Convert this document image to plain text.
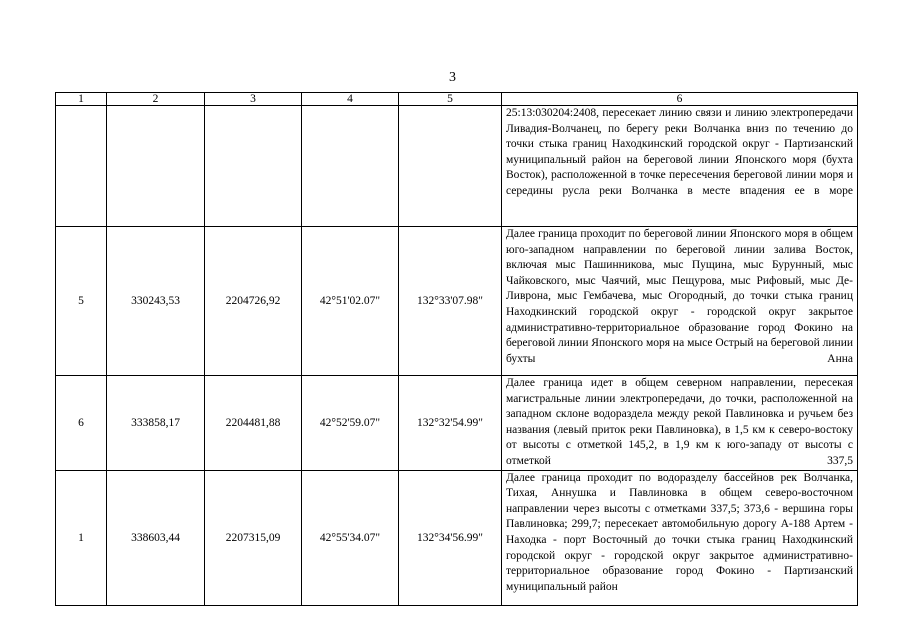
3
1	2	3	4	5	6
					25:13:030204:2408, пересекает линию связи и линию электропередачи Ливадия-Волчанец, по берегу реки Волчанка вниз по течению до точки стыка границ Находкинский городской округ - Партизанский муниципальный район на береговой линии Японского моря (бухта Восток), расположенной в точке пересечения береговой линии моря и середины русла реки Волчанка в месте впадения ее в море
5	330243,53	2204726,92	42°51'02.07"	132°33'07.98"	Далее граница проходит по береговой линии Японского моря в общем юго-западном направлении по береговой линии залива Восток, включая мыс Пашинникова, мыс Пущина, мыс Бурунный, мыс Чайковского, мыс Чаячий, мыс Пещурова, мыс Рифовый, мыс Де-Ливрона, мыс Гембачева, мыс Огородный, до точки стыка границ Находкинский городской округ - городской округ закрытое административно-территориальное образование город Фокино на береговой линии Японского моря на мысе Острый на береговой линии бухты Анна
6	333858,17	2204481,88	42°52'59.07"	132°32'54.99"	Далее граница идет в общем северном направлении, пересекая магистральные линии электропередачи, до точки, расположенной на западном склоне водораздела между рекой Павлиновка и ручьем без названия (левый приток реки Павлиновка), в 1,5 км к северо-востоку от высоты с отметкой 145,2, в 1,9 км к юго-западу от высоты с отметкой 337,5
1	338603,44	2207315,09	42°55'34.07"	132°34'56.99"	Далее граница проходит по водоразделу бассейнов рек Волчанка, Тихая, Аннушка и Павлиновка в общем северо-восточном направлении через высоты с отметками 337,5; 373,6 - вершина горы Павлиновка; 299,7; пересекает автомобильную дорогу А-188 Артем - Находка - порт Восточный до точки стыка границ Находкинский городской округ - городской округ закрытое административно-территориальное образование город Фокино - Партизанский муниципальный район
